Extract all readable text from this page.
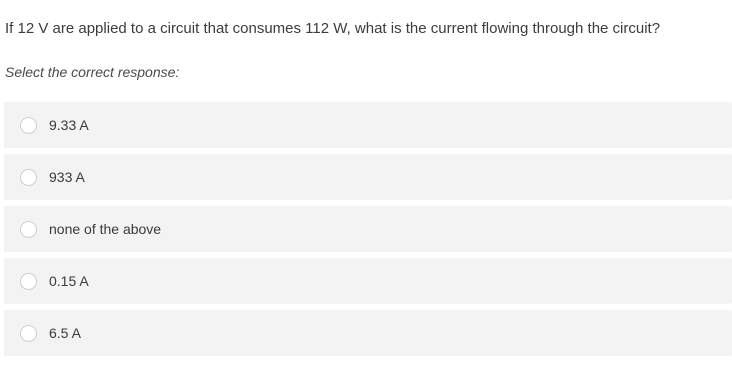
If 12 V are applied to a circuit that consumes 112 W, what is the current flowing through the circuit?
Select the correct response:
9.33 A
933 A
none of the above
0.15 A
6.5 A
